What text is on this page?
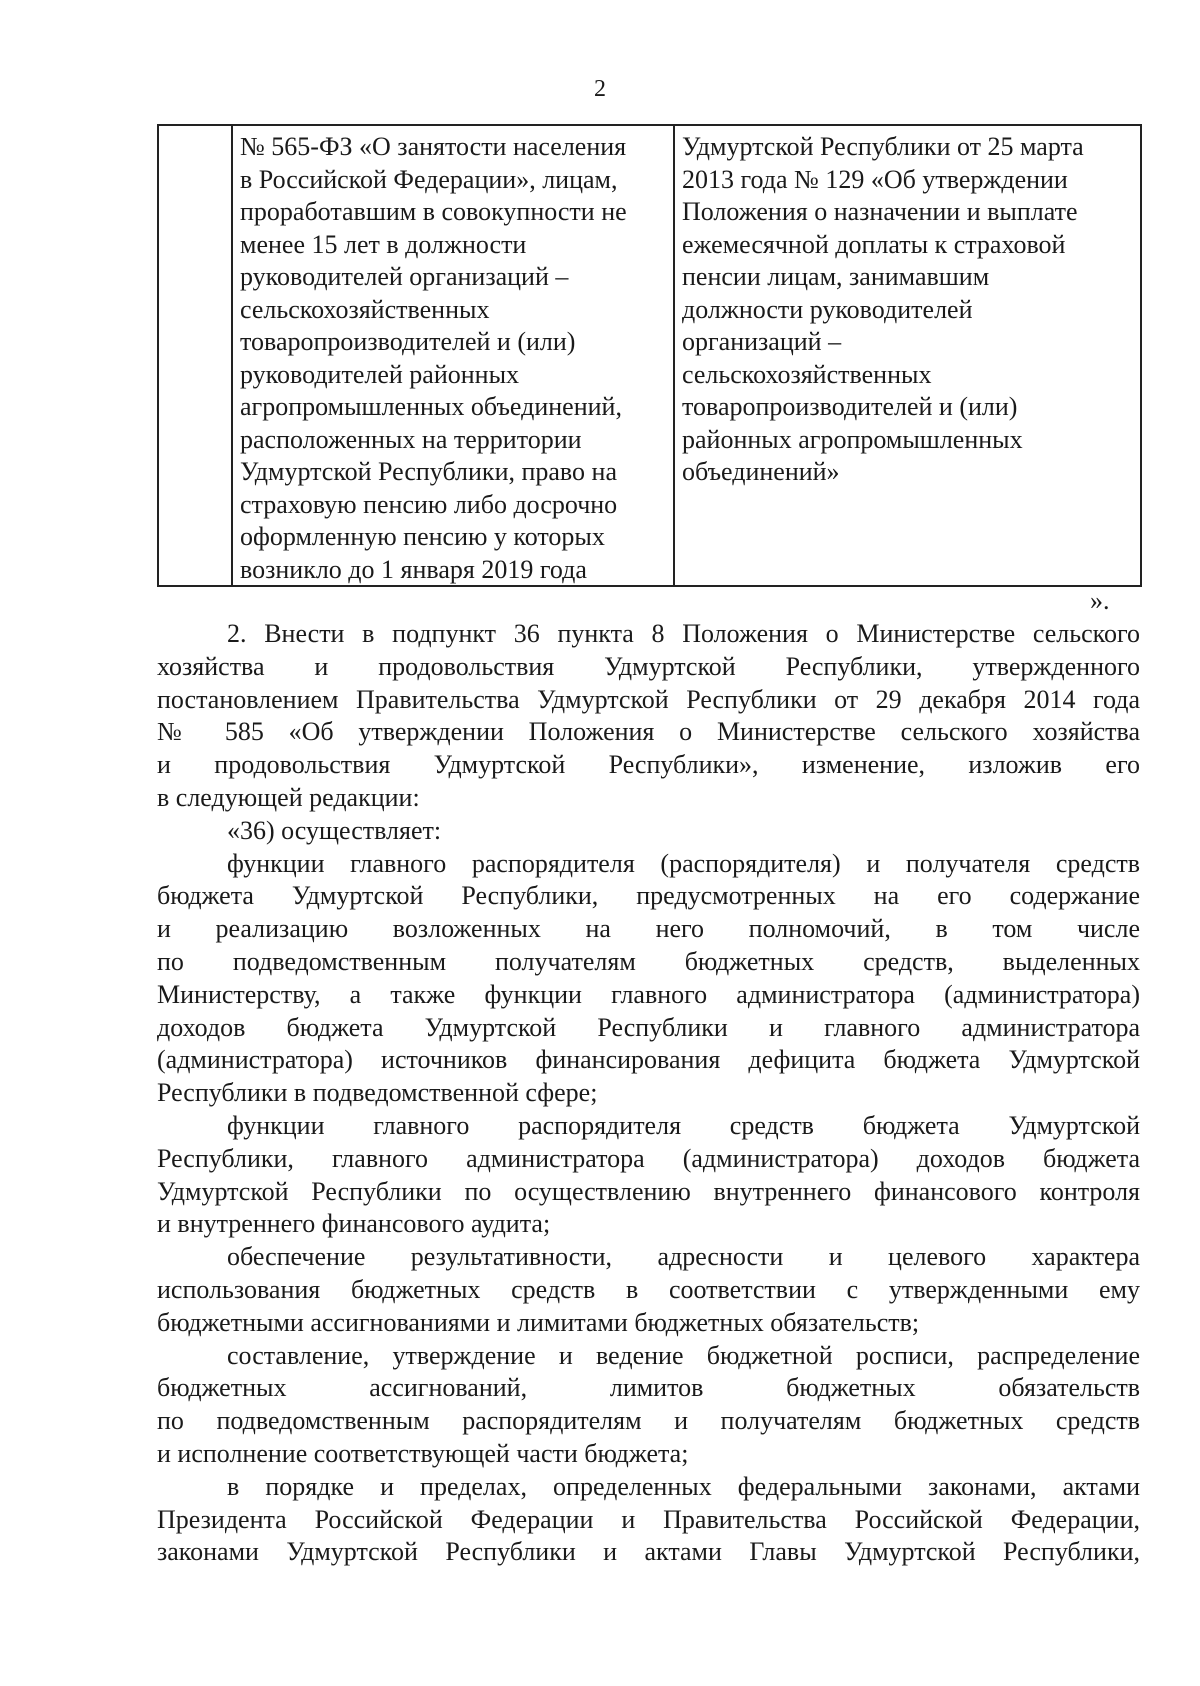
2
№ 565-ФЗ «О занятости населения
в Российской Федерации», лицам,
проработавшим в совокупности не
менее 15 лет в должности
руководителей организаций –
сельскохозяйственных
товаропроизводителей и (или)
руководителей районных
агропромышленных объединений,
расположенных на территории
Удмуртской Республики, право на
страховую пенсию либо досрочно
оформленную пенсию у которых
возникло до 1 января 2019 года
Удмуртской Республики от 25 марта
2013 года № 129 «Об утверждении
Положения о назначении и выплате
ежемесячной доплаты к страховой
пенсии лицам, занимавшим
должности руководителей
организаций –
сельскохозяйственных
товаропроизводителей и (или)
районных агропромышленных
объединений»
».
2. Внести в подпункт 36 пункта 8 Положения о Министерстве сельского
хозяйства и продовольствия Удмуртской Республики, утвержденного
постановлением Правительства Удмуртской Республики от 29 декабря 2014 года
№ 585 «Об утверждении Положения о Министерстве сельского хозяйства
и продовольствия Удмуртской Республики», изменение, изложив его
в следующей редакции:
«36) осуществляет:
функции главного распорядителя (распорядителя) и получателя средств
бюджета Удмуртской Республики, предусмотренных на его содержание
и реализацию возложенных на него полномочий, в том числе
по подведомственным получателям бюджетных средств, выделенных
Министерству, а также функции главного администратора (администратора)
доходов бюджета Удмуртской Республики и главного администратора
(администратора) источников финансирования дефицита бюджета Удмуртской
Республики в подведомственной сфере;
функции главного распорядителя средств бюджета Удмуртской
Республики, главного администратора (администратора) доходов бюджета
Удмуртской Республики по осуществлению внутреннего финансового контроля
и внутреннего финансового аудита;
обеспечение результативности, адресности и целевого характера
использования бюджетных средств в соответствии с утвержденными ему
бюджетными ассигнованиями и лимитами бюджетных обязательств;
составление, утверждение и ведение бюджетной росписи, распределение
бюджетных ассигнований, лимитов бюджетных обязательств
по подведомственным распорядителям и получателям бюджетных средств
и исполнение соответствующей части бюджета;
в порядке и пределах, определенных федеральными законами, актами
Президента Российской Федерации и Правительства Российской Федерации,
законами Удмуртской Республики и актами Главы Удмуртской Республики,
